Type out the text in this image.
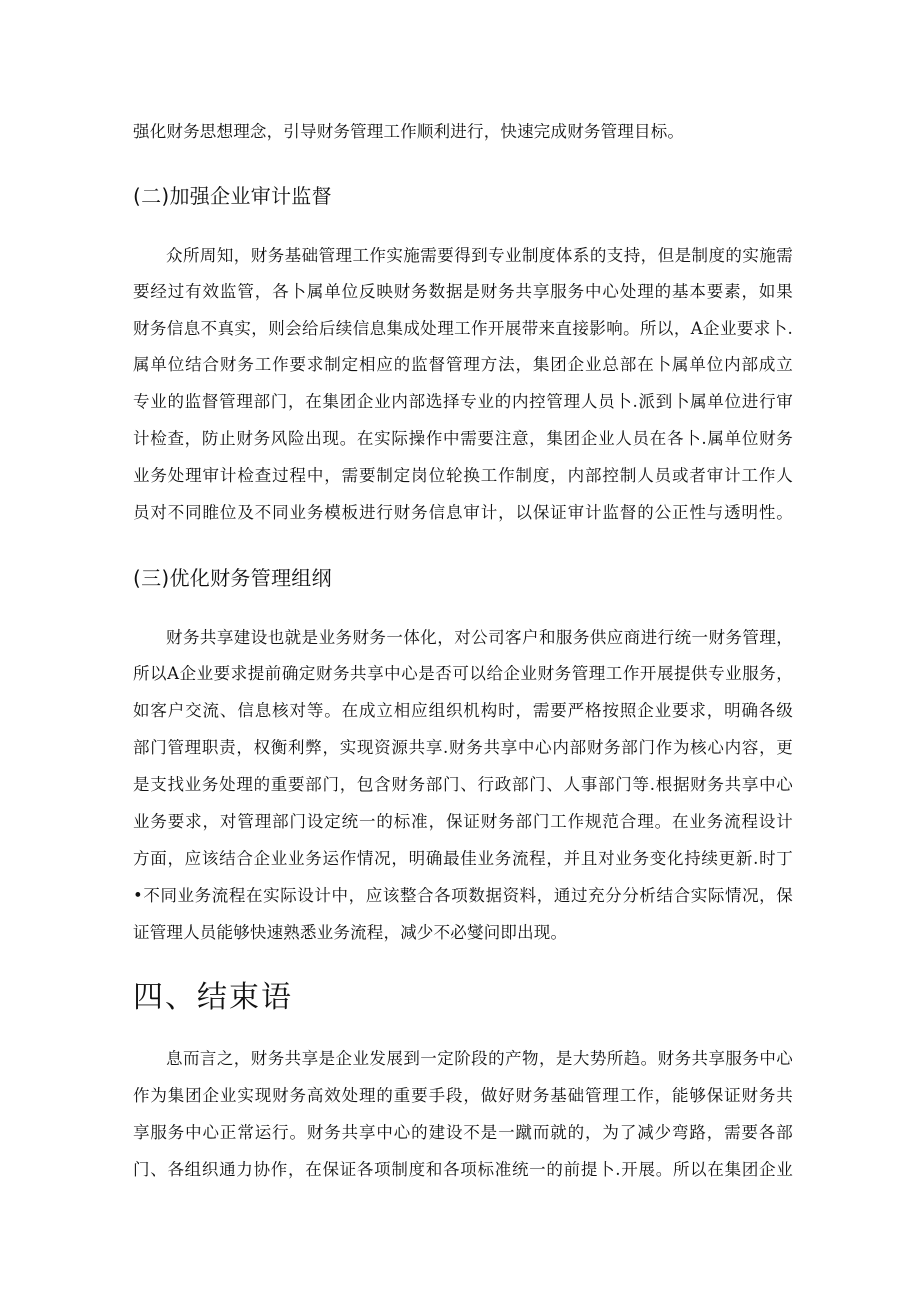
强化财务思想理念，引导财务管理工作顺利进行，快速完成财务管理目标。
(二)加强企业审计监督
众所周知，财务基础管理工作实施需要得到专业制度体系的支持，但是制度的实施需
要经过有效监管，各卜属单位反映财务数据是财务共享服务中心处理的基本要素，如果
财务信息不真实，则会给后续信息集成处理工作开展带来直接影响。所以，A企业要求卜.
属单位结合财务工作要求制定相应的监督管理方法，集团企业总部在卜属单位内部成立
专业的监督管理部门，在集团企业内部选择专业的内控管理人员卜.派到卜属单位进行审
计检查，防止财务风险出现。在实际操作中需要注意，集团企业人员在各卜.属单位财务
业务处理审计检查过程中，需要制定岗位轮换工作制度，内部控制人员或者审计工作人
员对不同睢位及不同业务模板进行财务信息审计，以保证审计监督的公正性与透明性。
(三)优化财务管理组纲
财务共享建设也就是业务财务一体化，对公司客户和服务供应商进行统一财务管理，
所以A企业要求提前确定财务共享中心是否可以给企业财务管理工作开展提供专业服务，
如客户交流、信息核对等。在成立相应组织机构时，需要严格按照企业要求，明确各级
部门管理职责，权衡利弊，实现资源共享.财务共享中心内部财务部门作为核心内容，更
是支找业务处理的重要部门，包含财务部门、行政部门、人事部门等.根据财务共享中心
业务要求，对管理部门设定统一的标准，保证财务部门工作规范合理。在业务流程设计
方面，应该结合企业业务运作情况，明确最佳业务流程，并且对业务变化持续更新.时丁
•不同业务流程在实际设计中，应该整合各项数据资料，通过充分分析结合实际情况，保
证管理人员能够快速熟悉业务流程，减少不必燮问即出现。
四、结束语
息而言之，财务共享是企业发展到一定阶段的产物，是大势所趋。财务共享服务中心
作为集团企业实现财务高效处理的重要手段，做好财务基础管理工作，能够保证财务共
享服务中心正常运行。财务共享中心的建设不是一蹴而就的，为了减少弯路，需要各部
门、各组织通力协作，在保证各项制度和各项标准统一的前提卜.开展。所以在集团企业
